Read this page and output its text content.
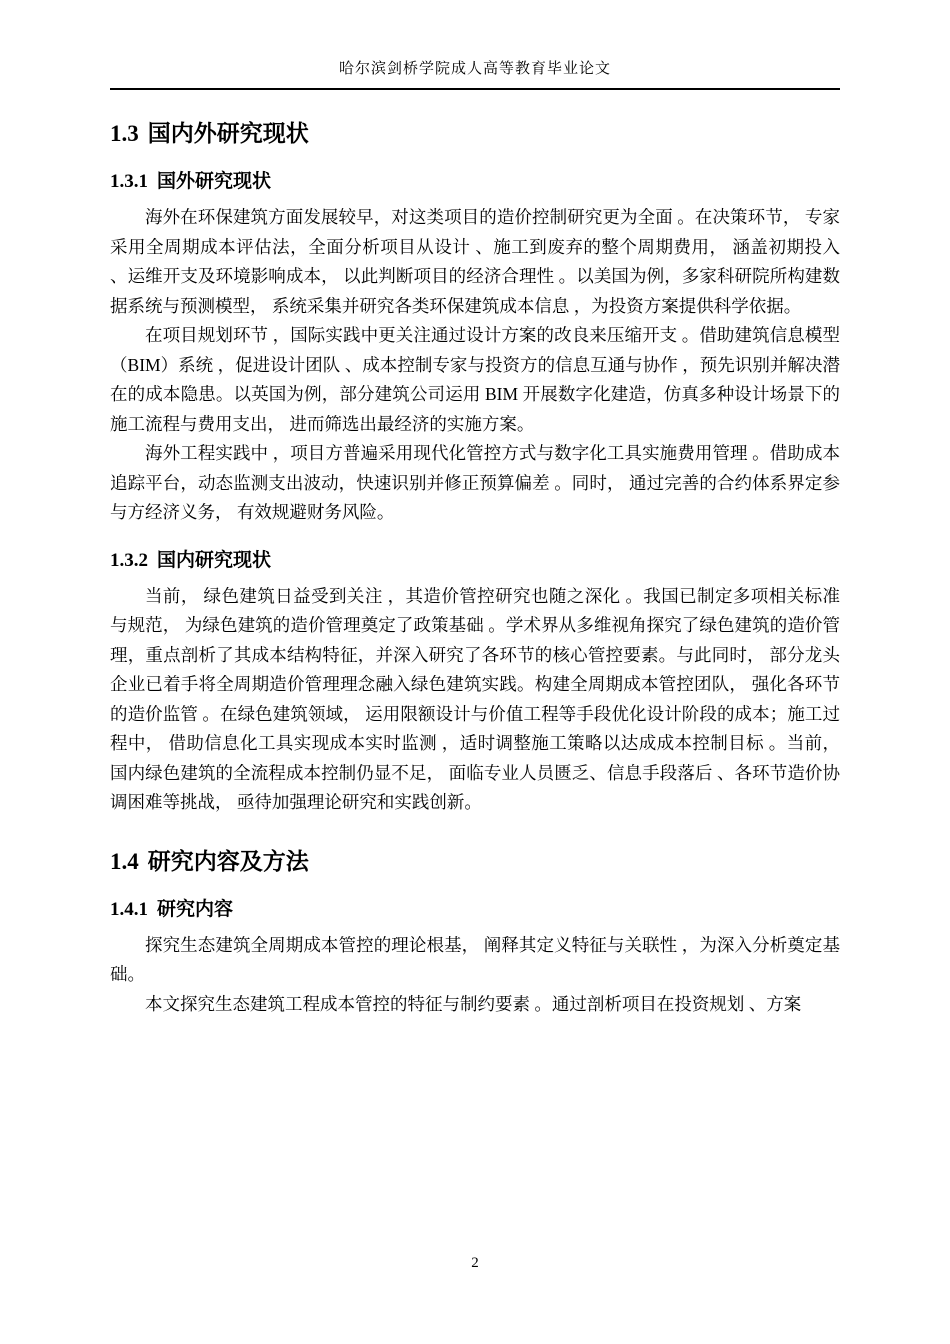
哈尔滨剑桥学院成人高等教育毕业论文
1.3 国内外研究现状
1.3.1 国外研究现状

海外在环保建筑方面发展较早，对这类项目的造价控制研究更为全面 。在决策环节， 专家采用全周期成本评估法，全面分析项目从设计 、施工到废弃的整个周期费用， 涵盖初期投入 、运维开支及环境影响成本， 以此判断项目的经济合理性 。以美国为例，多家科研院所构建数据系统与预测模型， 系统采集并研究各类环保建筑成本信息 ，为投资方案提供科学依据。

在项目规划环节 ，国际实践中更关注通过设计方案的改良来压缩开支 。借助建筑信息模型（BIM）系统 ，促进设计团队 、成本控制专家与投资方的信息互通与协作 ，预先识别并解决潜在的成本隐患。以英国为例，部分建筑公司运用 BIM 开展数字化建造，仿真多种设计场景下的施工流程与费用支出， 进而筛选出最经济的实施方案。

海外工程实践中 ，项目方普遍采用现代化管控方式与数字化工具实施费用管理 。借助成本追踪平台，动态监测支出波动，快速识别并修正预算偏差 。同时， 通过完善的合约体系界定参与方经济义务， 有效规避财务风险。

1.3.2 国内研究现状

当前， 绿色建筑日益受到关注 ，其造价管控研究也随之深化 。我国已制定多项相关标准与规范， 为绿色建筑的造价管理奠定了政策基础 。学术界从多维视角探究了绿色建筑的造价管理，重点剖析了其成本结构特征，并深入研究了各环节的核心管控要素。与此同时， 部分龙头企业已着手将全周期造价管理理念融入绿色建筑实践。构建全周期成本管控团队， 强化各环节的造价监管 。在绿色建筑领域， 运用限额设计与价值工程等手段优化设计阶段的成本；施工过程中， 借助信息化工具实现成本实时监测 ，适时调整施工策略以达成成本控制目标 。当前， 国内绿色建筑的全流程成本控制仍显不足， 面临专业人员匮乏、信息手段落后 、各环节造价协调困难等挑战， 亟待加强理论研究和实践创新。

1.4 研究内容及方法
1.4.1 研究内容

探究生态建筑全周期成本管控的理论根基， 阐释其定义特征与关联性 ，为深入分析奠定基础。

本文探究生态建筑工程成本管控的特征与制约要素 。通过剖析项目在投资规划 、方案

2
